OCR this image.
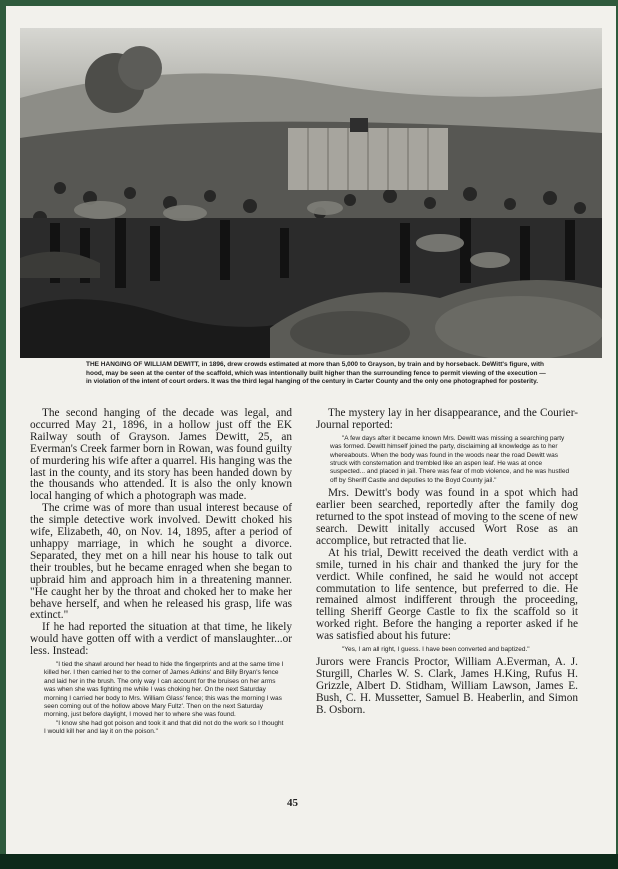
THE HANGING OF WILLIAM DEWITT, in 1896, drew crowds estimated at more than 5,000 to Grayson, by train and by horseback. DeWitt's figure, with hood, may be seen at the center of the scaffold, which was intentionally built higher than the surrounding fence to permit viewing of the execution — in violation of the intent of court orders. It was the third legal hanging of the century in Carter County and the only one photographed for posterity.

The second hanging of the decade was legal, and occurred May 21, 1896, in a hollow just off the EK Railway south of Grayson. James Dewitt, 25, an Everman's Creek farmer born in Rowan, was found guilty of murdering his wife after a quarrel. His hanging was the last in the county, and its story has been handed down by the thousands who attended. It is also the only known local hanging of which a photograph was made.

The crime was of more than usual interest because of the simple detective work involved. Dewitt choked his wife, Elizabeth, 40, on Nov. 14, 1895, after a period of unhappy marriage, in which he sought a divorce. Separated, they met on a hill near his house to talk out their troubles, but he became enraged when she began to upbraid him and approach him in a threatening manner. "He caught her by the throat and choked her to make her behave herself, and when he released his grasp, life was extinct."

If he had reported the situation at that time, he likely would have gotten off with a verdict of manslaughter...or less. Instead:

"I tied the shawl around her head to hide the fingerprints and at the same time I killed her. I then carried her to the corner of James Adkins' and Billy Bryan's fence and laid her in the brush. The only way I can account for the bruises on her arms was when she was fighting me while I was choking her. On the next Saturday morning I carried her body to Mrs. William Glass' fence; this was the morning I was seen coming out of the hollow above Mary Fultz'. Then on the next Saturday morning, just before daylight, I moved her to where she was found.

"I know she had got poison and took it and that did not do the work so I thought I would kill her and lay it on the poison."

The mystery lay in her disappearance, and the Courier-Journal reported:

"A few days after it became known Mrs. Dewitt was missing a searching party was formed. Dewitt himself joined the party, disclaiming all knowledge as to her whereabouts. When the body was found in the woods near the road Dewitt was struck with consternation and trembled like an aspen leaf. He was at once suspected... and placed in jail. There was fear of mob violence, and he was hustled off by Sheriff Castle and deputies to the Boyd County jail."

Mrs. Dewitt's body was found in a spot which had earlier been searched, reportedly after the family dog returned to the spot instead of moving to the scene of new search. Dewitt initally accused Wort Rose as an accomplice, but retracted that lie.

At his trial, Dewitt received the death verdict with a smile, turned in his chair and thanked the jury for the verdict. While confined, he said he would not accept commutation to life sentence, but preferred to die. He remained almost indifferent through the proceeding, telling Sheriff George Castle to fix the scaffold so it worked right. Before the hanging a reporter asked if he was satisfied about his future:

"Yes, I am all right, I guess. I have been converted and baptized."

Jurors were Francis Proctor, William A.Everman, A. J. Sturgill, Charles W. S. Clark, James H.King, Rufus H. Grizzle, Albert D. Stidham, William Lawson, James E. Bush, C. H. Mussetter, Samuel B. Heaberlin, and Simon B. Osborn.

45
